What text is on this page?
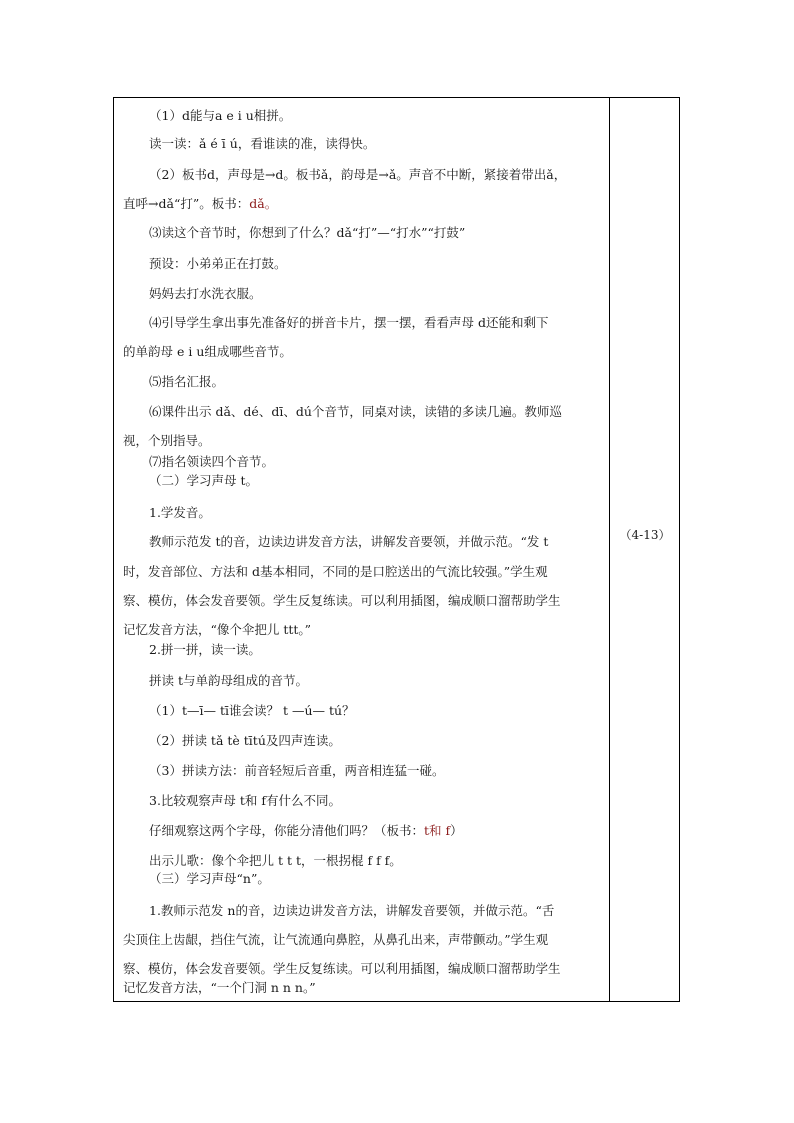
（1）d能与a e i u相拼。
读一读：ǎ é ī ú，看谁读的准，读得快。
（2）板书d，声母是→d。板书ǎ，韵母是→ǎ。声音不中断，紧接着带出ǎ，
直呼→dǎ“打”。板书：dǎ。
⑶读这个音节时，你想到了什么？dǎ“打”—“打水”“打鼓”
预设：小弟弟正在打鼓。
妈妈去打水洗衣服。
⑷引导学生拿出事先准备好的拼音卡片，摆一摆，看看声母 d还能和剩下
的单韵母 e i u组成哪些音节。
⑸指名汇报。
⑹课件出示 dǎ、dé、dī、dú个音节，同桌对读，读错的多读几遍。教师巡
视，个别指导。
⑺指名领读四个音节。
（二）学习声母 t。
1.学发音。
教师示范发 t的音，边读边讲发音方法，讲解发音要领，并做示范。“发 t
时，发音部位、方法和 d基本相同，不同的是口腔送出的气流比较强。”学生观
察、模仿，体会发音要领。学生反复练读。可以利用插图，编成顺口溜帮助学生
记忆发音方法，“像个伞把儿 ttt。”
2.拼一拼，读一读。
拼读 t与单韵母组成的音节。
（1）t—ī— tī谁会读？ t —ú— tú？
（2）拼读 tǎ tè tītú及四声连读。
（3）拼读方法：前音轻短后音重，两音相连猛一碰。
3.比较观察声母 t和 f有什么不同。
仔细观察这两个字母，你能分清他们吗？（板书：t和 f）
出示儿歌：像个伞把儿 t t t，一根拐棍 f f f。
（三）学习声母“n”。
1.教师示范发 n的音，边读边讲发音方法，讲解发音要领，并做示范。“舌
尖顶住上齿龈，挡住气流，让气流通向鼻腔，从鼻孔出来，声带颤动。”学生观
察、模仿，体会发音要领。学生反复练读。可以利用插图，编成顺口溜帮助学生
记忆发音方法，“一个门洞 n n n。”
（4-13）
